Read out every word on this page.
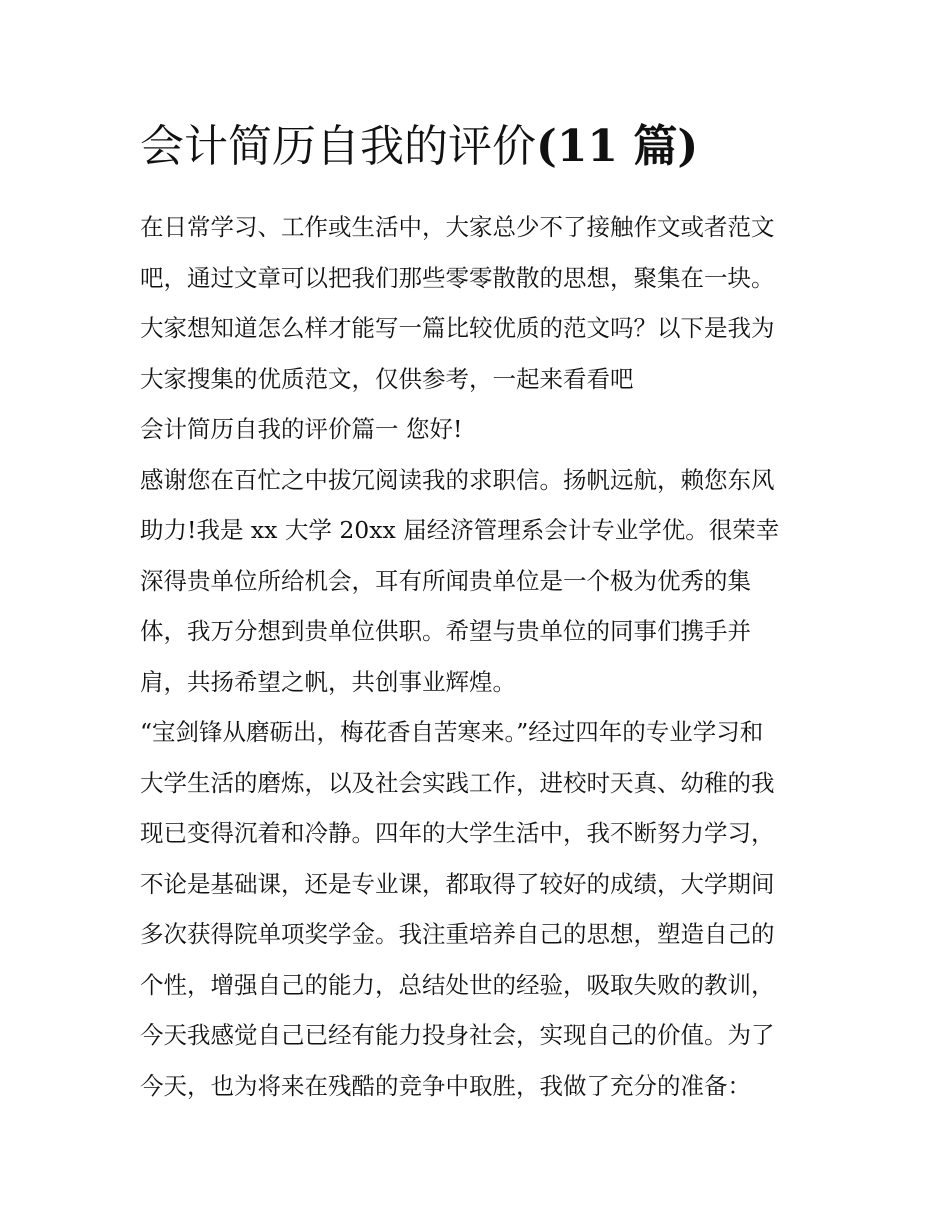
会计简历自我的评价(11 篇)

在日常学习、工作或生活中，大家总少不了接触作文或者范文
吧，通过文章可以把我们那些零零散散的思想，聚集在一块。
大家想知道怎么样才能写一篇比较优质的范文吗？以下是我为
大家搜集的优质范文，仅供参考，一起来看看吧

会计简历自我的评价篇一 您好!

感谢您在百忙之中拔冗阅读我的求职信。扬帆远航，赖您东风
助力!我是 xx 大学 20xx 届经济管理系会计专业学优。很荣幸
深得贵单位所给机会，耳有所闻贵单位是一个极为优秀的集
体，我万分想到贵单位供职。希望与贵单位的同事们携手并
肩，共扬希望之帆，共创事业辉煌。

“宝剑锋从磨砺出，梅花香自苦寒来。”经过四年的专业学习和
大学生活的磨炼，以及社会实践工作，进校时天真、幼稚的我
现已变得沉着和冷静。四年的大学生活中，我不断努力学习，
不论是基础课，还是专业课，都取得了较好的成绩，大学期间
多次获得院单项奖学金。我注重培养自己的思想，塑造自己的
个性，增强自己的能力，总结处世的经验，吸取失败的教训，
今天我感觉自己已经有能力投身社会，实现自己的价值。为了
今天，也为将来在残酷的竞争中取胜，我做了充分的准备：
